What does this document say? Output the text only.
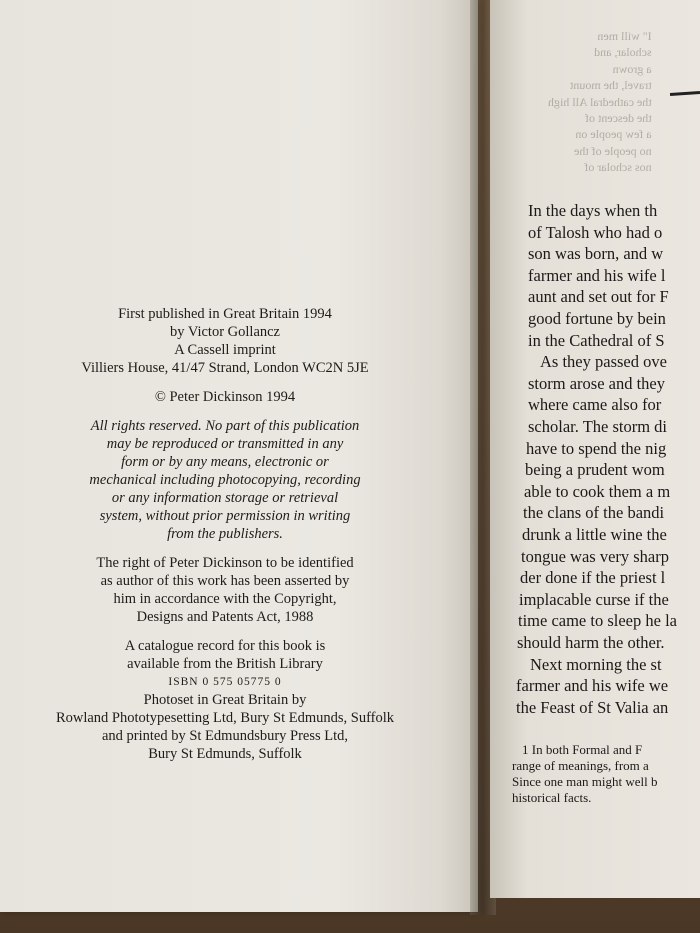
First published in Great Britain 1994

by Victor Gollancz

A Cassell imprint

Villiers House, 41/47 Strand, London WC2N 5JE

© Peter Dickinson 1994

All rights reserved. No part of this publication

may be reproduced or transmitted in any

form or by any means, electronic or

mechanical including photocopying, recording

or any information storage or retrieval

system, without prior permission in writing

from the publishers.

The right of Peter Dickinson to be identified

as author of this work has been asserted by

him in accordance with the Copyright,

Designs and Patents Act, 1988

A catalogue record for this book is

available from the British Library

ISBN 0 575 05775 0

Photoset in Great Britain by

Rowland Phototypesetting Ltd, Bury St Edmunds, Suffolk

and printed by St Edmundsbury Press Ltd,

Bury St Edmunds, Suffolk

I" will men
scholar, and
a grown
travel, the mount
the cathedral All high
the descent of
a few people on
no people of the
nos scholar of
In the days when th
of Talosh who had o
son was born, and w
farmer and his wife l
aunt and set out for F
good fortune by bein
in the Cathedral of S
As they passed ove
storm arose and they
where came also for
scholar. The storm di
have to spend the nig
being a prudent wom
able to cook them a m
the clans of the bandi
drunk a little wine the
tongue was very sharp
der done if the priest l
implacable curse if the
time came to sleep he la
should harm the other.
Next morning the st
farmer and his wife we
the Feast of St Valia an
1 In both Formal and F
range of meanings, from a
Since one man might well b
historical facts.
